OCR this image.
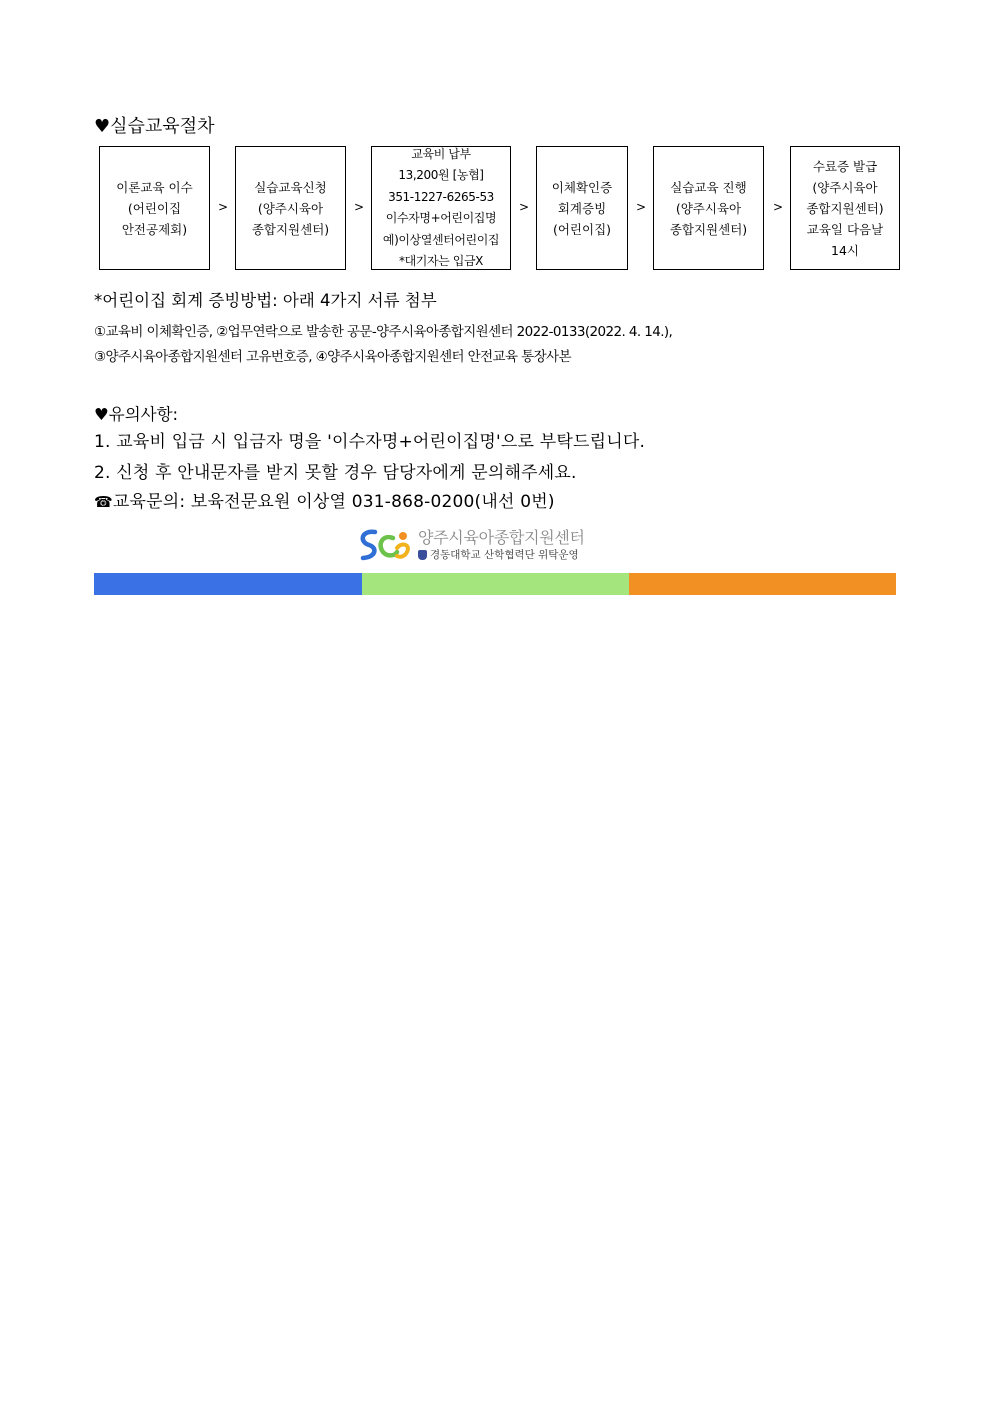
♥실습교육절차
이론교육 이수
(어린이집
안전공제회)
>
실습교육신청
(양주시육아
종합지원센터)
>
교육비 납부
13,200원 [농협]
351-1227-6265-53
이수자명+어린이집명
예)이상열센터어린이집
*대기자는 입금X
>
이체확인증
회계증빙
(어린이집)
>
실습교육 진행
(양주시육아
종합지원센터)
>
수료증 발급
(양주시육아
종합지원센터)
교육일 다음날
14시
*어린이집 회계 증빙방법: 아래 4가지 서류 첨부
①교육비 이체확인증, ②업무연락으로 발송한 공문-양주시육아종합지원센터 2022-0133(2022. 4. 14.),
③양주시육아종합지원센터 고유번호증, ④양주시육아종합지원센터 안전교육 통장사본
♥유의사항:
1. 교육비 입금 시 입금자 명을 '이수자명+어린이집명'으로 부탁드립니다.
2. 신청 후 안내문자를 받지 못할 경우 담당자에게 문의해주세요.
☎교육문의: 보육전문요원 이상열 031-868-0200(내선 0번)
양주시육아종합지원센터
경동대학교 산학협력단 위탁운영
